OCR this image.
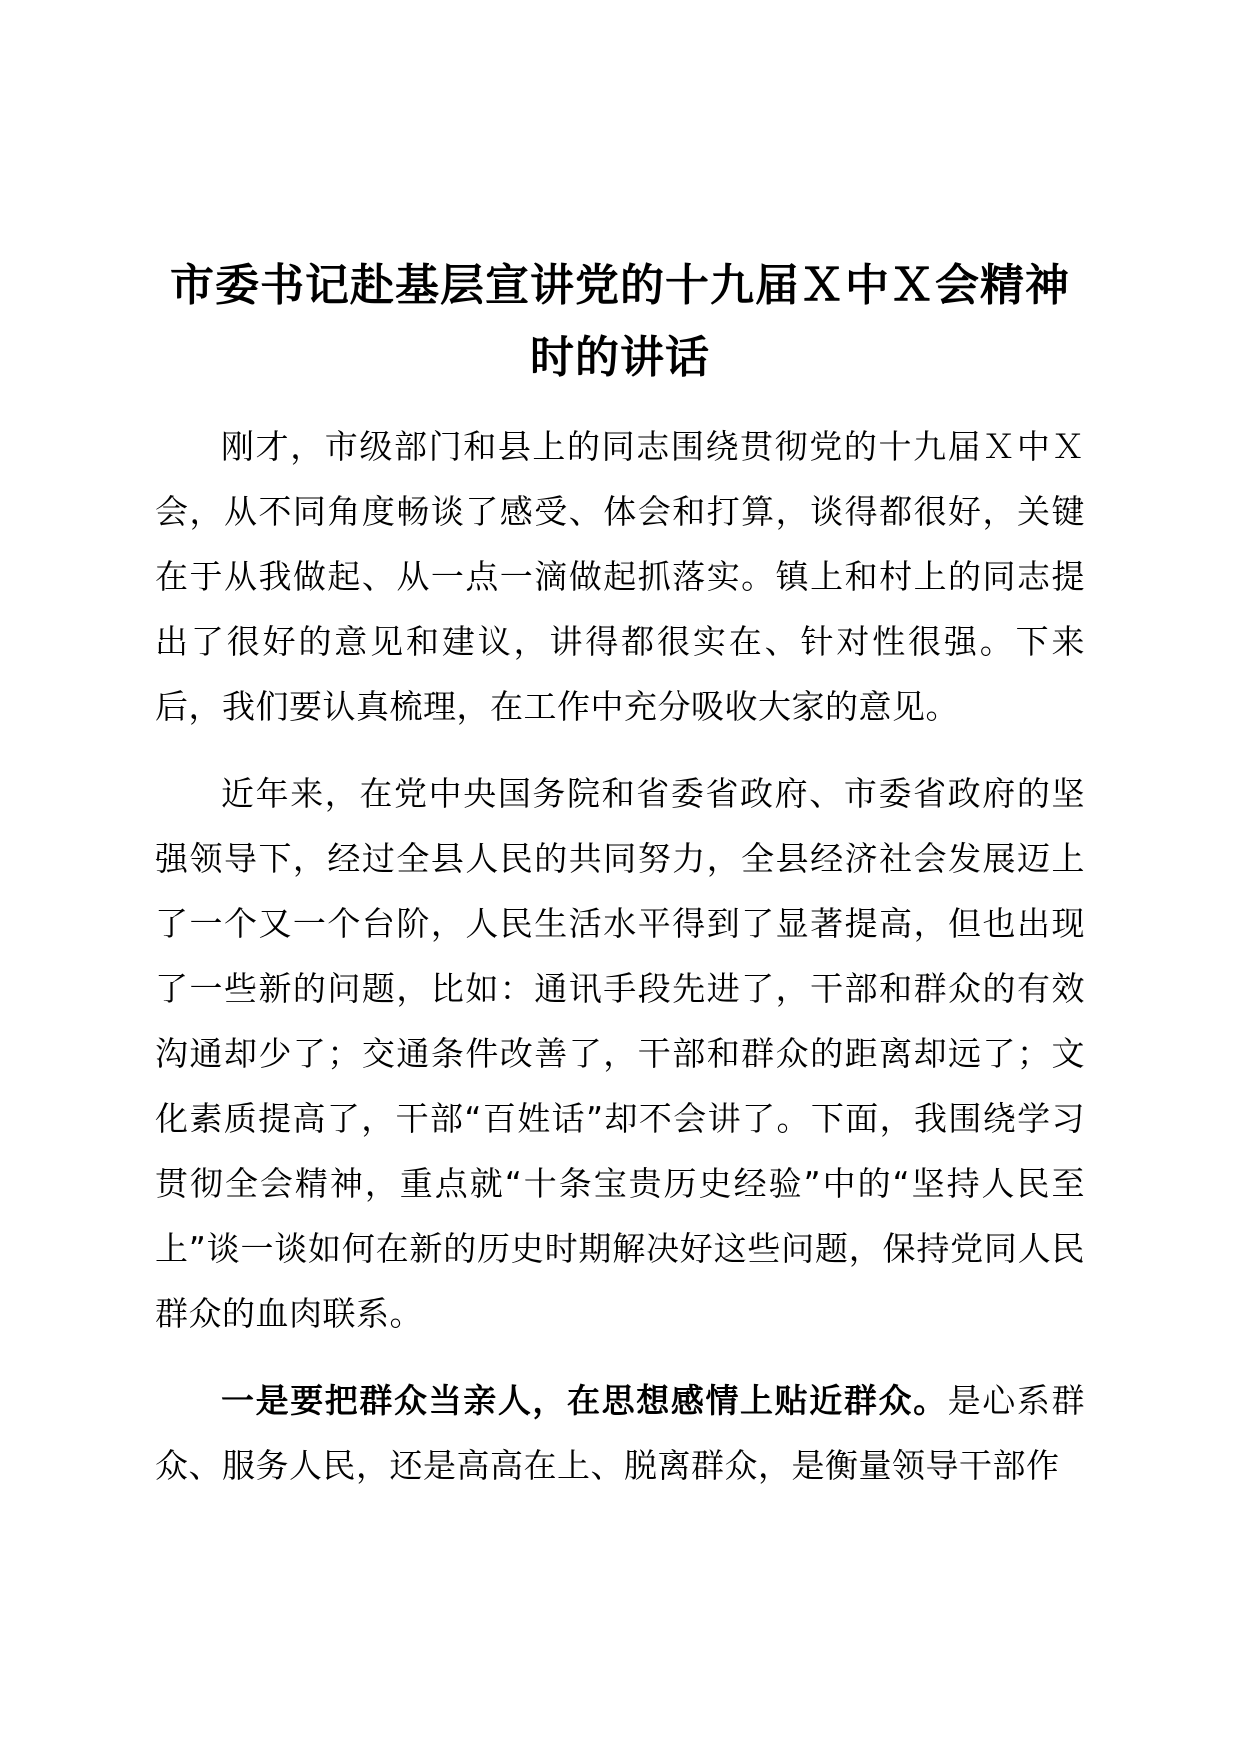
市委书记赴基层宣讲党的十九届Ｘ中Ｘ会精神时的讲话

刚才，市级部门和县上的同志围绕贯彻党的十九届Ｘ中Ｘ会，从不同角度畅谈了感受、体会和打算，谈得都很好，关键在于从我做起、从一点一滴做起抓落实。镇上和村上的同志提出了很好的意见和建议，讲得都很实在、针对性很强。下来后，我们要认真梳理，在工作中充分吸收大家的意见。

近年来，在党中央国务院和省委省政府、市委省政府的坚强领导下，经过全县人民的共同努力，全县经济社会发展迈上了一个又一个台阶，人民生活水平得到了显著提高，但也出现了一些新的问题，比如：通讯手段先进了，干部和群众的有效沟通却少了；交通条件改善了，干部和群众的距离却远了；文化素质提高了，干部“百姓话”却不会讲了。下面，我围绕学习贯彻全会精神，重点就“十条宝贵历史经验”中的“坚持人民至上”谈一谈如何在新的历史时期解决好这些问题，保持党同人民群众的血肉联系。

一是要把群众当亲人，在思想感情上贴近群众。是心系群众、服务人民，还是高高在上、脱离群众，是衡量领导干部作
